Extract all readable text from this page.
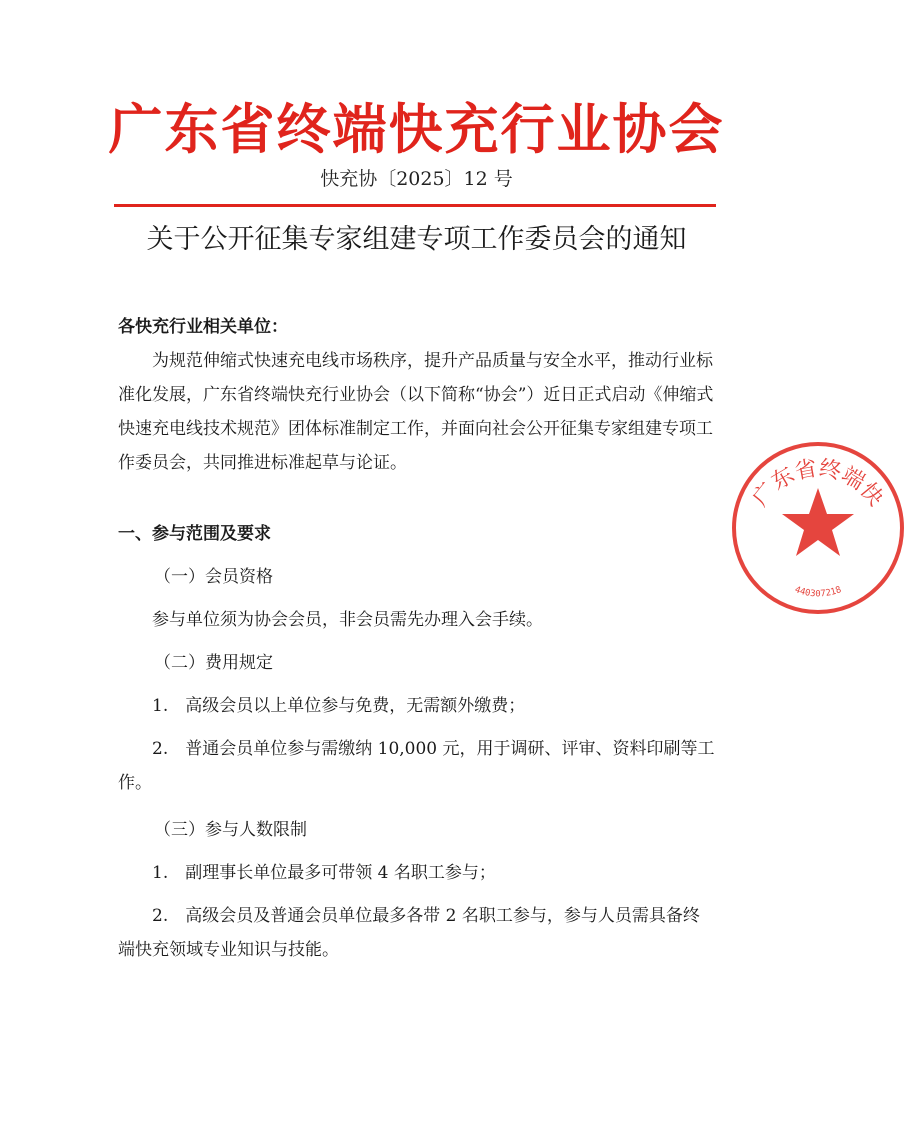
广东省终端快充行业协会
快充协〔2025〕12 号
关于公开征集专家组建专项工作委员会的通知

各快充行业相关单位：

为规范伸缩式快速充电线市场秩序，提升产品质量与安全水平，推动行业标准化发展，广东省终端快充行业协会（以下简称“协会”）近日正式启动《伸缩式快速充电线技术规范》团体标准制定工作，并面向社会公开征集专家组建专项工作委员会，共同推进标准起草与论证。

一、参与范围及要求

（一）会员资格

参与单位须为协会会员，非会员需先办理入会手续。

（二）费用规定

1.　高级会员以上单位参与免费，无需额外缴费；

2.　普通会员单位参与需缴纳 10,000 元，用于调研、评审、资料印刷等工作。

（三）参与人数限制

1.　副理事长单位最多可带领 4 名职工参与；

2.　高级会员及普通会员单位最多各带 2 名职工参与，参与人员需具备终端快充领域专业知识与技能。

广东省终端快
440307218
